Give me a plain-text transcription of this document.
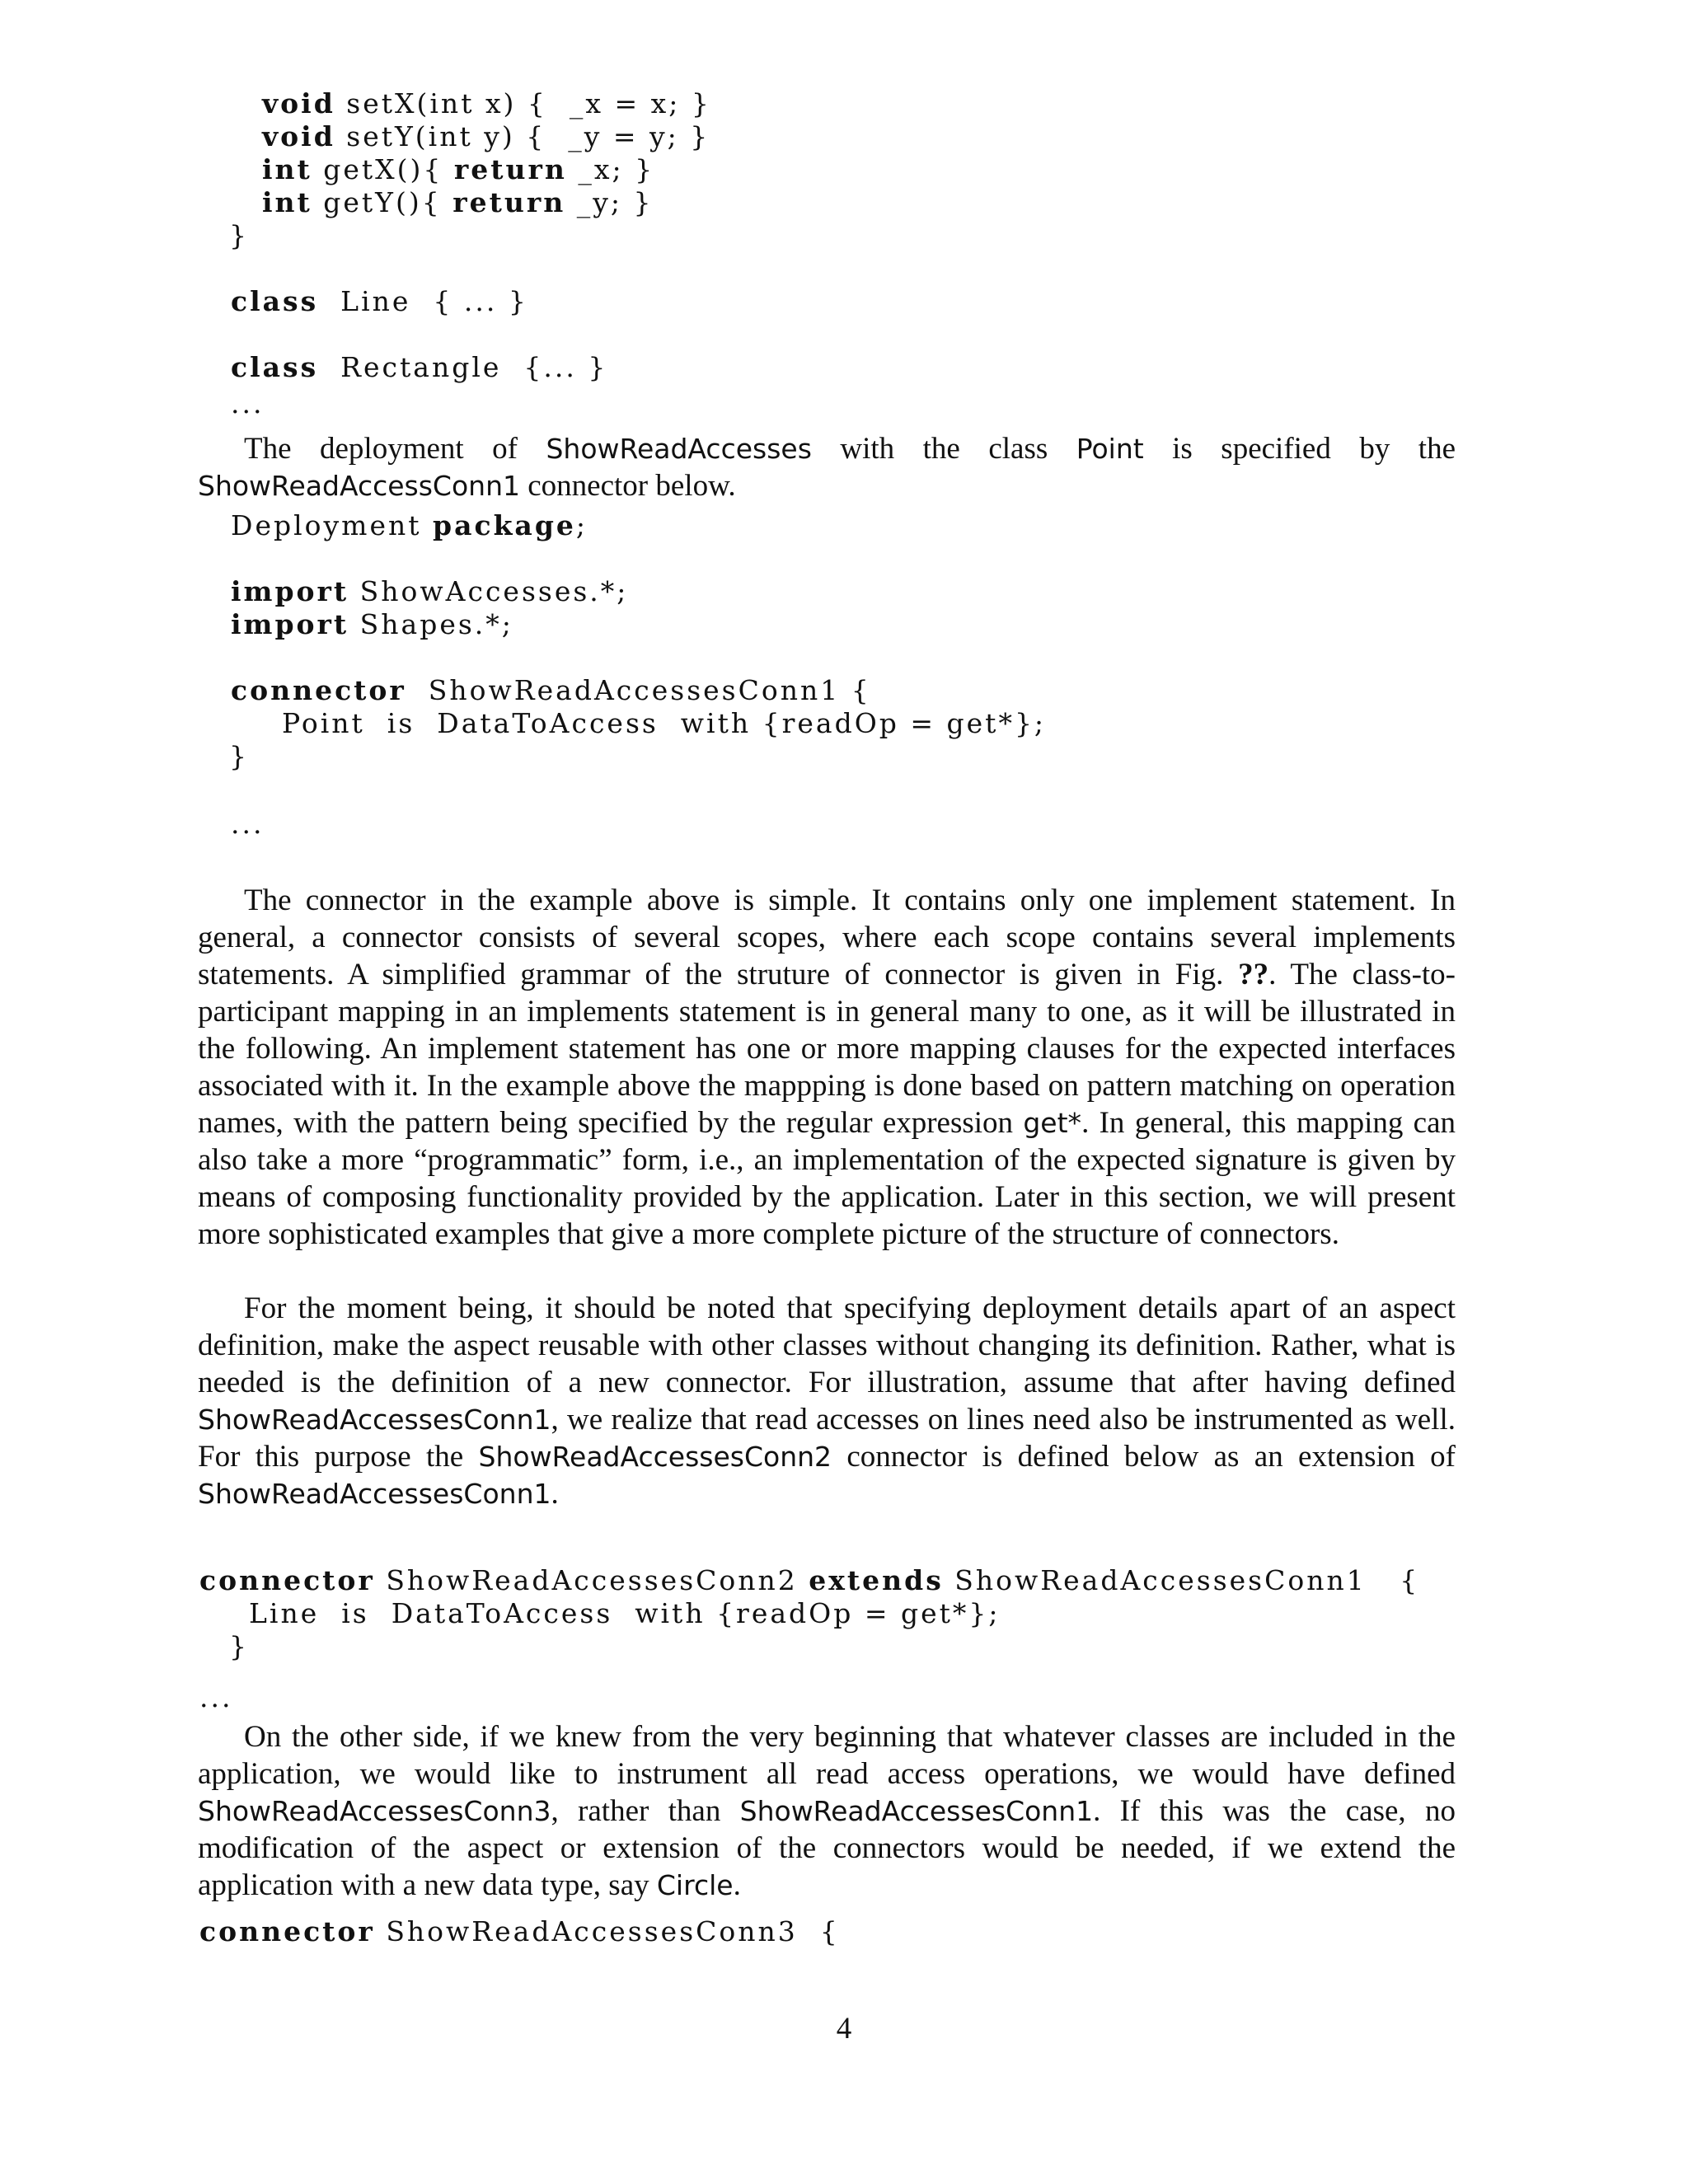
void setX(int x) {  _x = x; }
void setY(int y) {  _y = y; }
int getX(){ return _x; }
int getY(){ return _y; }
}
class  Line  { ... }
class  Rectangle  {... }
...

The deployment of ShowReadAccesses with the class Point is specified by the ShowReadAccessConn1 connector below.

Deployment package;
import ShowAccesses.*;
import Shapes.*;
connector  ShowReadAccessesConn1 {
Point  is  DataToAccess  with {readOp = get*};
}
...

The connector in the example above is simple. It contains only one implement statement. In general, a connector consists of several scopes, where each scope contains several implements statements. A simplified grammar of the struture of connector is given in Fig. ??. The class-to-participant mapping in an implements statement is in general many to one, as it will be illustrated in the following. An implement statement has one or more mapping clauses for the expected interfaces associated with it. In the example above the mappping is done based on pattern matching on operation names, with the pattern being specified by the regular expression get*. In general, this mapping can also take a more “programmatic” form, i.e., an implementation of the expected signature is given by means of composing functionality provided by the application. Later in this section, we will present more sophisticated examples that give a more complete picture of the structure of connectors.

For the moment being, it should be noted that specifying deployment details apart of an aspect definition, make the aspect reusable with other classes without changing its definition. Rather, what is needed is the definition of a new connector. For illustration, assume that after having defined ShowReadAccessesConn1, we realize that read accesses on lines need also be instrumented as well. For this purpose the ShowReadAccessesConn2 connector is defined below as an extension of ShowReadAccessesConn1.

connector ShowReadAccessesConn2 extends ShowReadAccessesConn1   {
Line  is  DataToAccess  with {readOp = get*};
}
...

On the other side, if we knew from the very beginning that whatever classes are included in the application, we would like to instrument all read access operations, we would have defined ShowReadAccessesConn3, rather than ShowReadAccessesConn1. If this was the case, no modification of the aspect or extension of the connectors would be needed, if we extend the application with a new data type, say Circle.

connector ShowReadAccessesConn3  {
4
